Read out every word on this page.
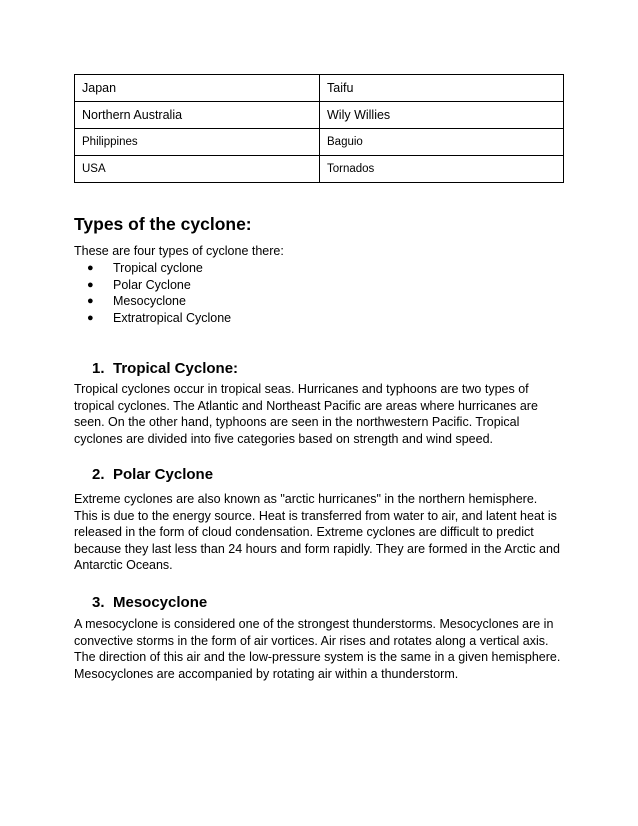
Japan	Taifu
Northern Australia	Wily Willies
Philippines	Baguio
USA	Tornados
Types of the cyclone:

These are four types of cyclone there:

● Tropical cyclone
● Polar Cyclone
● Mesocyclone
● Extratropical Cyclone
1. Tropical Cyclone:
Tropical cyclones occur in tropical seas. Hurricanes and typhoons are two types of
tropical cyclones. The Atlantic and Northeast Pacific are areas where hurricanes are
seen. On the other hand, typhoons are seen in the northwestern Pacific. Tropical
cyclones are divided into five categories based on strength and wind speed.
2. Polar Cyclone
Extreme cyclones are also known as "arctic hurricanes" in the northern hemisphere.
This is due to the energy source. Heat is transferred from water to air, and latent heat is
released in the form of cloud condensation. Extreme cyclones are difficult to predict
because they last less than 24 hours and form rapidly. They are formed in the Arctic and
Antarctic Oceans.
3. Mesocyclone
A mesocyclone is considered one of the strongest thunderstorms. Mesocyclones are in
convective storms in the form of air vortices. Air rises and rotates along a vertical axis.
The direction of this air and the low-pressure system is the same in a given hemisphere.
Mesocyclones are accompanied by rotating air within a thunderstorm.
